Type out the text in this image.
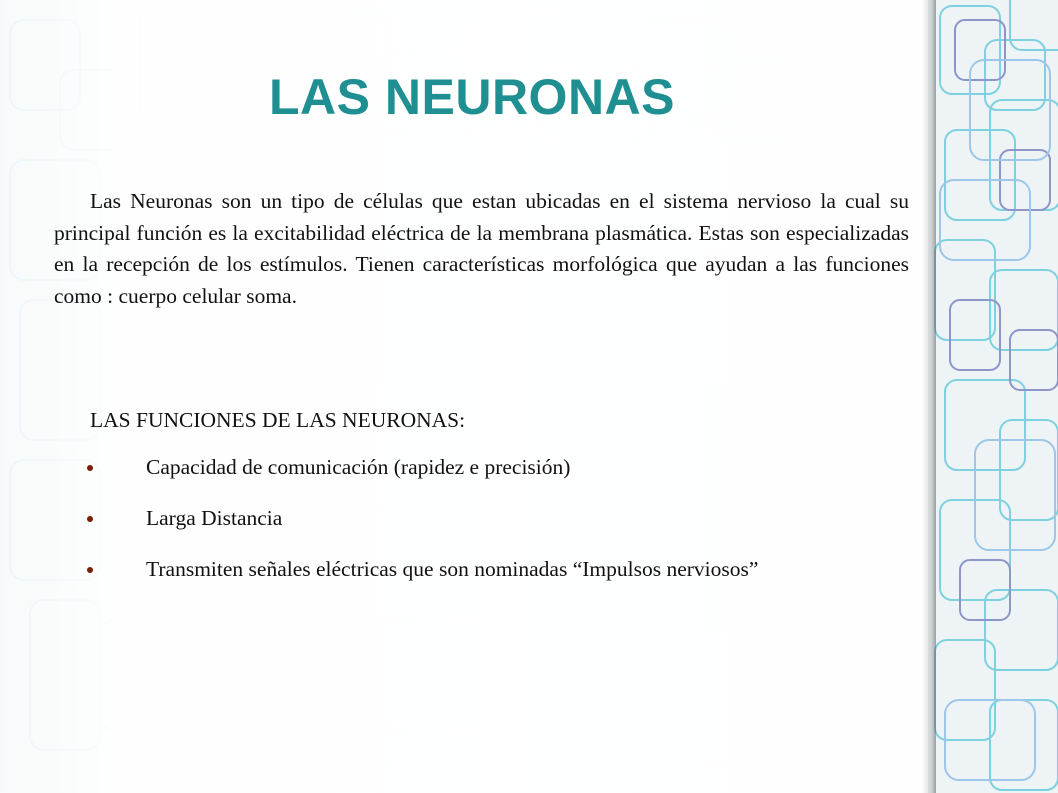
LAS NEURONAS

Las Neuronas son un tipo de células que estan ubicadas en el sistema nervioso la cual su principal función es la excitabilidad eléctrica de la membrana plasmática. Estas son especializadas en la recepción de los estímulos. Tienen características morfológica que ayudan a las funciones como : cuerpo celular soma.

LAS FUNCIONES DE LAS NEURONAS:

Capacidad de comunicación (rapidez e precisión)
Larga Distancia
Transmiten señales eléctricas que son nominadas “Impulsos nerviosos”
